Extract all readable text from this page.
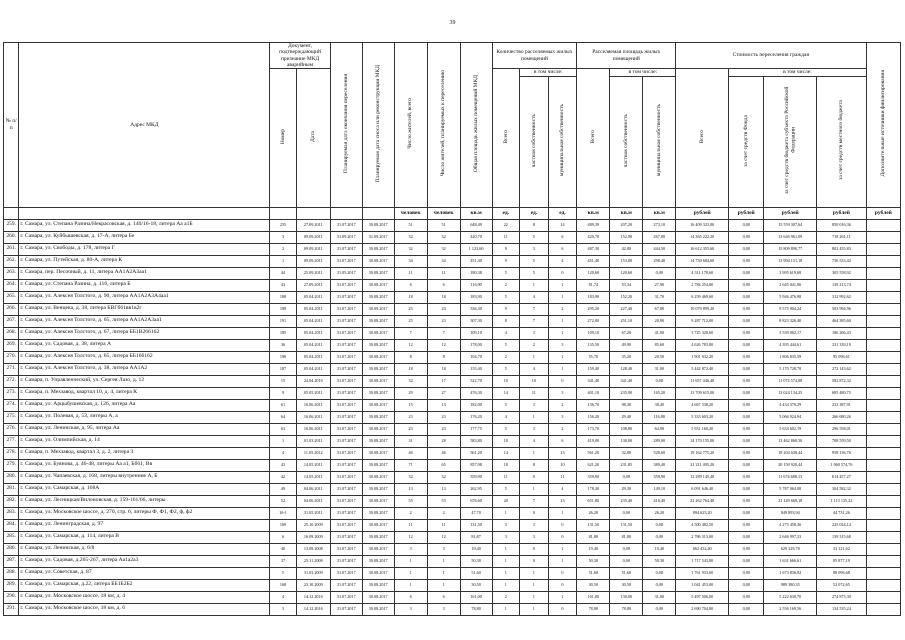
39
№ п/п	Адрес МКД	Документ, подтверждающий признание МКД аварийным		Планируемая дата окончания переселения	Планируемая дата сноса или реконструкции МКД	Число жителей, всего	Число жителей, планируемых к переселению	Общая площадь жилых помещений МКД	Количество расселяемых жилых помещений			Расселяемая площадь жилых помещений			Стоимость переселения граждан				Дополнительные источники финансирования
		Номер	Дата						Всего	в том числе:		Всего	в том числе:		Всего	в том числе:			
										частная собственность	муниципальная собственность		частная собственность	муниципальная собственность		за счет средств Фонда	за счет средств бюджета субъекта Российской Федерации	за счет средств местного бюджета	
						человек	человек	кв.м	ед.	ед.	ед.	кв.м	кв.м	кв.м	рублей	рублей	рублей	рублей	рублей
259.	г. Самара, ул. Степана Разина/Некрасовская, д. 140/16-18, литера Аа а1Б	255	27.09.2011	31.07.2017	30.08.2017	51	51	648,49	22	8	14	489,39	207,20	273,10	16 409 323,00	0,00	15 559 307,64	850 016,36	
260.	г. Самара, ул. Куйбышевская, д. 17-А, литера Бе	3	09.09.2011	31.09.2017	31.09.2017	32	32	420,70	11	5	6	420,70	152,90	267,80	14 365 222,20	0,00	13 646 961,09	718 261,11	
261.	г. Самара, ул. Свободы, д. 178, литера Г	2	09.09.2011	31.07.2017	30.08.2017	32	32	1 123,60	9	3	6	487,30	42,80	444,50	16 612 355,60	0,00	15 809 890,77	802 455,83	
262.	г. Самара, ул. Путейская, д. 80-А, литера К	1	09.09.2011	31.07.2017	30.08.2017	34	34	451,40	9	5	4	451,40	153,00	298,40	14 730 684,60	0,00	13 994 151,18	736 533,42	
263.	г. Самара, пер. Песочный, д. 11, литера АА1А2А3аа1	44	25.09.2011	31.05.2017	30.08.2017	11	11	180,38	5	5	0	120,60	120,60	0,00	4 311 178,60	0,00	3 995 619,68	305 558,92	
264.	г. Самара, ул. Степана Разина, д. 116, литера Б	43	27.09.2011	31.07.2017	30.08.2017	6	6	116,90	2	1	1	81,74	53,34	27,90	2 784 254,80	0,00	2 645 041,06	139 213,74	
265.	г. Самара, ул. Алексея Толстого, д. 90, литера АА1А2А3А4аа1	188	05.04.2011	31.07.2017	30.08.2017	18	18	183,90	5	4	1	183,90	152,20	31,70	6 259 469,60	0,00	5 946 476,98	312 992,62	
266.	г. Самара, ул. Венцека, д. 38, литера БВГб61вв1в2г	189	05.04.2011	31.07.2017	30.09.2017	25	24	336,30	9	7	2	295,20	227,40	67,80	10 079 899,20	0,00	9 575 904,24	503 994,96	
267.	г. Самара, ул. Алексея Толстого, д. 65, литера АА1А2А3аа1	191	05.04.2011	31.07.2017	30.08.2017	25	23	307,30	8	7	1	272,00	251,10	20,90	9 287 712,00	0,00	8 823 326,40	464 385,60	
268.	г. Самара, ул. Алексея Толстого, д. 67, литера ББ1В266162	185	05.04.2011	31.07.2017	30.08.2017	7	7	109,10	4	3	1	109,10	67,20	41,90	3 725 328,60	0,00	3 539 062,17	186 266,43	
269.	г. Самара, ул. Садовая, д. 38, литера А	36	05.04.2011	31.07.2017	30.08.2017	12	12	178,00	5	2	3	135,50	49,90	85,60	4 626 783,80	0,00	4 395 444,61	231 339,19	
270.	г. Самара, ул. Алексея Толстого, д. 65, литера ББ166162	190	05.04.2011	31.07.2017	30.08.2017	8	8	104,70	2	1	1	55,70	35,20	20,50	1 901 932,20	0,00	1 806 835,59	95 096,61	
271.	г. Самара, ул. Алексея Толстого, д. 38, литера АА1А2	187	05.04.2011	31.07.2017	30.08.2017	18	18	155,40	5	4	1	159,40	128,40	31,00	5 442 872,40	0,00	5 170 728,78	272 143,62	
272.	г. Самара, п. Управленческий, ул. Сергея Лазо, д. 12	15	24.04.2010	31.07.2017	30.08.2017	32	17	522,70	10	10	0	341,40	341,40	0,00	11 657 446,40	0,00	11 074 574,08	582 872,32	
273.	г. Самара, п. Мехзавод, квартал 10, д. 4, литера К	9	05.05.2011	31.07.2017	30.08.2017	29	27	476,30	14	11	3	401,10	235,90	165,20	13 709 615,00	0,00	13 024 134,25	685 480,75	
274.	г. Самара, ул. Арцыбушевская, д. 126, литера Аа	61	16.06.2011	31.07.2017	30.08.2017	15	13	182,00	5	3	2	136,70	98,30	38,40	4 667 538,20	0,00	4 434 370,29	233 387,91	
275.	г. Самара, ул. Полевая, д. 53, литеры А, а	64	16.06.2011	31.07.2017	30.08.2017	23	23	176,20	4	1	3	156,20	29,40	116,80	5 333 603,20	0,00	5 066 924,94	266 680,26	
276.	г. Самара, ул. Ленинская, д. 95, литера Аа	63	16.06.2011	31.07.2017	30.08.2017	23	23	177,75	5	3	2	173,70	108,80	64,90	5 931 160,20	0,00	5 634 602,19	296 558,01	
277.	г. Самара, ул. Олимпийская, д. 14	1	01.03.2011	31.07.2017	30.08.2017	31	28	583,80	10	4	6	419,00	130,00	289,00	14 170 155,00	0,00	13 462 860,50	708 559,50	
278.	г. Самара, п. Мехзавод, квартал 3, д. 2, литера З	4	11.05.2012	31.07.2017	30.08.2017	46	46	561,20	14	1	13	561,20	32,80	528,60	19 162 775,20	0,00	18 204 638,44	958 136,76	
279.	г. Самара, ул. Буянова, д. 46-48, литеры Аа а1, Бб61, Вв	43	14.05.2011	31.07.2017	30.08.2017	71	65	857,98	18	8	10	621,20	231,85	389,40	21 211 495,20	0,00	20 150 920,44	1 060 574,76	
280.	г. Самара, ул. Чапаевская, д. 168, литеры внутренние А, Б	42	14.05.2011	31.07.2017	30.08.2017	32	32	359,90	11	0	11	359,90	0,00	359,90	12 289 145,40	0,00	11 674 688,13	614 457,27	
281.	г. Самара, ул. Самарская, д. 168А	49	04.06.2011	31.07.2017	30.08.2017	13	13	262,95	5	1	4	178,40	29,30	149,10	6 091 646,40	0,00	5 787 064,08	304 582,32	
282.	г. Самара, ул. Лесницкая/Вилоновская, д. 159-161/66, литеры	52	04.06.2011	31.07.2017	30.08.2017	55	53	676,60	20	7	13	651,80	235,40	416,40	22 262 764,40	0,00	21 149 669,18	1 113 135,22	
283.	г. Самара, ул. Московское шоссе, д. 270, стр. 6, литеры Ф, Ф1, Ф2, ф, ф2	16-1	31.05.2011	31.07.2017	30.08.2017	2	2	47,70	1	0	1	26,20	0,00	26,20	894 625,20	0,00	849 893,94	44 731,26	
284.	г. Самара, ул. Ленинградская, д. 97	169	25.10.2009	31.07.2017	30.08.2017	11	11	131,50	3	3	0	131,50	131,50	0,00	4 500 482,50	0,00	4 275 458,36	225 024,14	
285.	г. Самара, ул. Самарская, д. 114, литера В	6	16.09.2009	31.07.2017	30.08.2017	12	12	81,87	3	3	0	81,80	81,80	0,00	2 786 313,00	0,00	2 646 997,33	139 315,68	
286.	г. Самара, ул. Ленинская, д. 6/8	40	13.09.2008	31.07.2017	30.08.2017	3	3	19,40	1	0	1	19,40	0,00	19,40	662 452,40	0,00	629 329,78	33 121,62	
287.	г. Самара, ул. Садовая, д.265-267, литера Аа1а2а3	37	25.11.2008	31.07.2017	30.08.2017	1	1	50,30	1	0	1	50,30	0,00	50,30	1 717 543,80	0,00	1 631 666,61	85 877,19	
288.	г. Самара, ул. Советская, д. 87	5	31.03.2009	31.07.2017	30.08.2017	1	1	51,60	1	1	0	51,60	51,60	0,00	1 761 933,60	0,00	1 673 836,92	88 096,68	
289.	г. Самара, ул. Самарская, д.22, литера ББ1Б2Б2	168	23.10.2009	31.07.2017	30.08.2017	1	1	30,50	1	1	0	30,50	30,50	0,00	1 041 453,00	0,00	989 380,35	52 072,65	
290.	г. Самара, ул. Московское шоссе, 18 км, д. 4	4	14.12.2016	31.07.2017	30.08.2017	6	6	161,00	2	1	1	161,00	130,00	31,00	5 497 506,00	0,00	5 222 630,70	274 875,30	
291.	г. Самара, ул. Московское шоссе, 18 км, д. 6	3	14.12.2016	31.07.2017	30.08.2017	3	3	78,80	1	1	0	78,80	78,80	0,00	2 690 704,80	0,00	2 556 169,56	134 535,24	
